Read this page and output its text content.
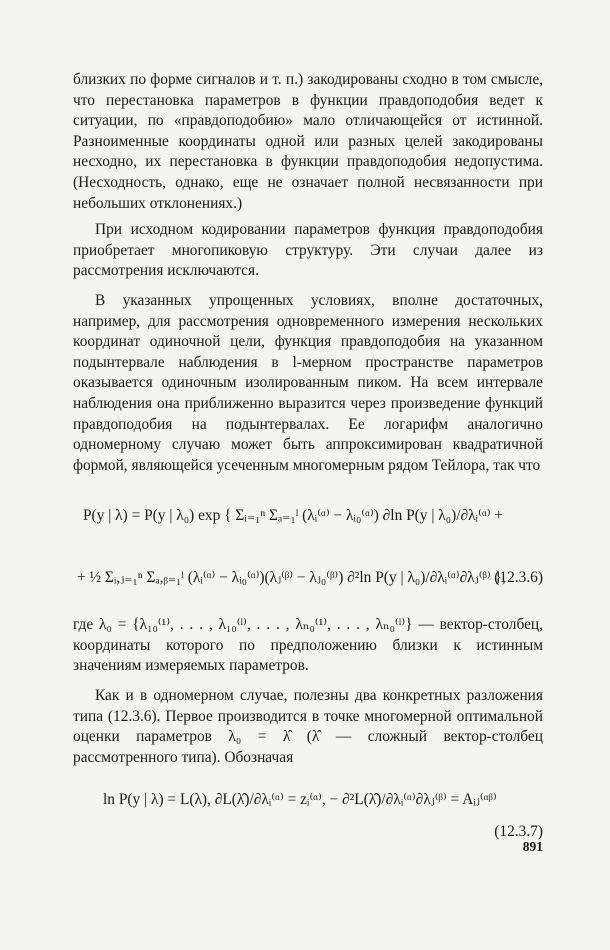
близких по форме сигналов и т. п.) закодированы сходно в том смысле, что перестановка параметров в функции правдоподобия ведет к ситуации, по «правдоподобию» мало отличающейся от истинной. Разноименные координаты одной или разных целей закодированы несходно, их перестановка в функции правдоподобия недопустима. (Несходность, однако, еще не означает полной несвязанности при небольших отклонениях.)

При исходном кодировании параметров функция правдоподобия приобретает многопиковую структуру. Эти случаи далее из рассмотрения исключаются.

В указанных упрощенных условиях, вполне достаточных, например, для рассмотрения одновременного измерения нескольких координат одиночной цели, функция правдоподобия на указанном подынтервале наблюдения в l-мерном пространстве параметров оказывается одиночным изолированным пиком. На всем интервале наблюдения она приближенно выразится через произведение функций правдоподобия на подынтервалах. Ее логарифм аналогично одномерному случаю может быть аппроксимирован квадратичной формой, являющейся усеченным многомерным рядом Тейлора, так что

P(y | λ) = P(y | λ₀) exp { Σᵢ₌₁ⁿ Σₐ₌₁ˡ (λᵢ⁽ᵅ⁾ − λᵢ₀⁽ᵅ⁾) ∂ln P(y | λ₀)/∂λᵢ⁽ᵅ⁾ +
+ ½ Σᵢ,ⱼ₌₁ⁿ Σₐ,ᵦ₌₁ˡ (λᵢ⁽ᵅ⁾ − λᵢ₀⁽ᵅ⁾)(λⱼ⁽ᵝ⁾ − λⱼ₀⁽ᵝ⁾) ∂²ln P(y | λ₀)/∂λᵢ⁽ᵅ⁾∂λⱼ⁽ᵝ⁾ },
(12.3.6)

где λ₀ = {λ₁₀⁽¹⁾, . . . , λ₁₀⁽ˡ⁾, . . . , λₙ₀⁽¹⁾, . . . , λₙ₀⁽ˡ⁾} — вектор-столбец, координаты которого по предположению близки к истинным значениям измеряемых параметров.

Как и в одномерном случае, полезны два конкретных разложения типа (12.3.6). Первое производится в точке многомерной оптимальной оценки параметров λ₀ = λ̂ (λ̂ — сложный вектор-столбец рассмотренного типа). Обозначая

ln P(y | λ) = L(λ), ∂L(λ̂)/∂λᵢ⁽ᵅ⁾ = zᵢ⁽ᵅ⁾, − ∂²L(λ̂)/∂λᵢ⁽ᵅ⁾∂λⱼ⁽ᵝ⁾ = Aᵢⱼ⁽ᵅᵝ⁾
(12.3.7)
891
